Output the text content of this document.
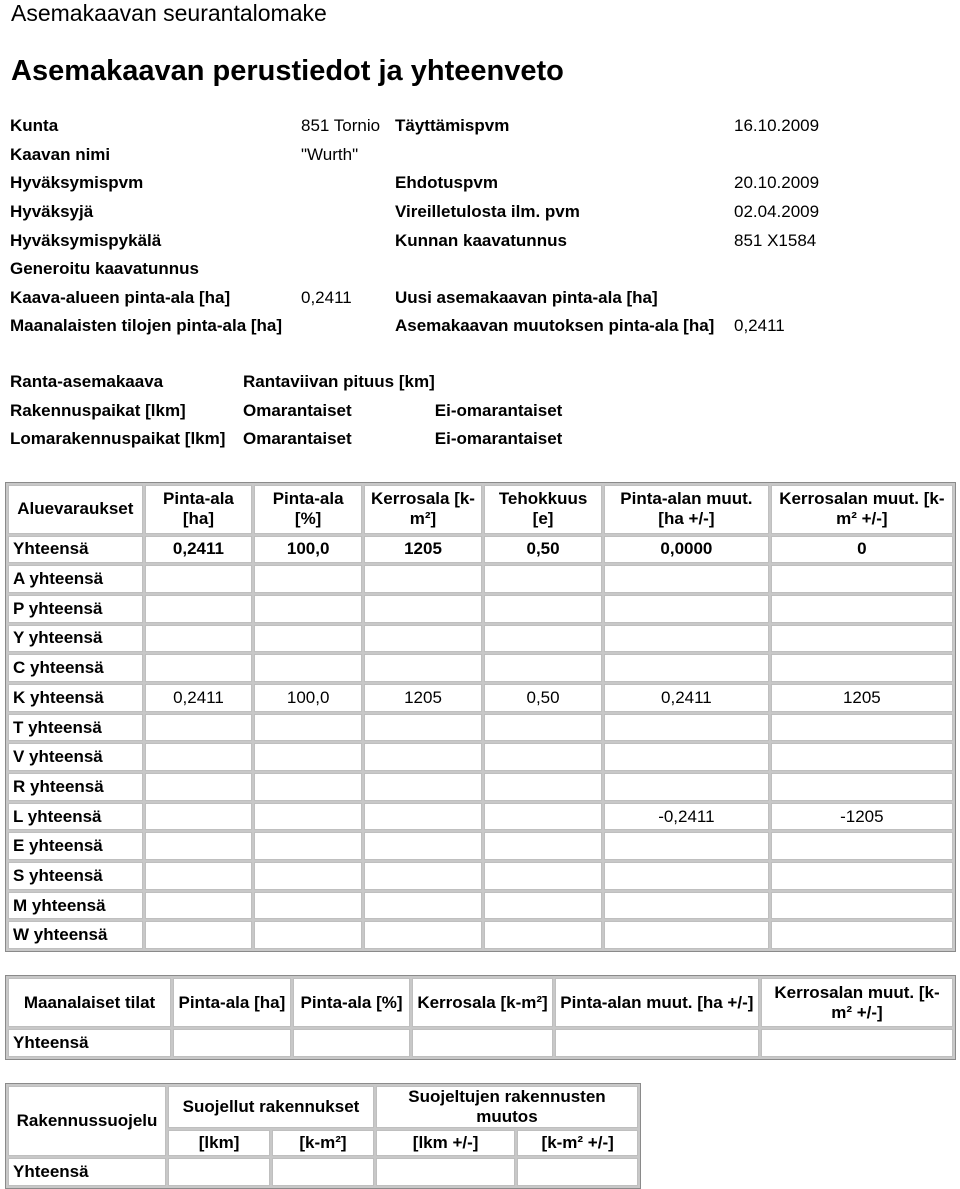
Asemakaavan seurantalomake
Asemakaavan perustiedot ja yhteenveto
Kunta	851 Tornio	Täyttämispvm	16.10.2009
Kaavan nimi	"Wurth"		
Hyväksymispvm		Ehdotuspvm	20.10.2009
Hyväksyjä		Vireilletulosta ilm. pvm	02.04.2009
Hyväksymispykälä		Kunnan kaavatunnus	851 X1584
Generoitu kaavatunnus			
Kaava-alueen pinta-ala [ha]	0,2411	Uusi asemakaavan pinta-ala [ha]	
Maanalaisten tilojen pinta-ala [ha]		Asemakaavan muutoksen pinta-ala [ha]	0,2411
Ranta-asemakaava	Rantaviivan pituus [km]	
Rakennuspaikat [lkm]	Omarantaiset	Ei-omarantaiset
Lomarakennuspaikat [lkm]	Omarantaiset	Ei-omarantaiset
Aluevaraukset	Pinta-ala [ha]	Pinta-ala [%]	Kerrosala [k-m²]	Tehokkuus [e]	Pinta-alan muut. [ha +/-]	Kerrosalan muut. [k-m² +/-]
Yhteensä	0,2411	100,0	1205	0,50	0,0000	0
A yhteensä						
P yhteensä						
Y yhteensä						
C yhteensä						
K yhteensä	0,2411	100,0	1205	0,50	0,2411	1205
T yhteensä						
V yhteensä						
R yhteensä						
L yhteensä					-0,2411	-1205
E yhteensä						
S yhteensä						
M yhteensä						
W yhteensä						
Maanalaiset tilat	Pinta-ala [ha]	Pinta-ala [%]	Kerrosala [k-m²]	Pinta-alan muut. [ha +/-]	Kerrosalan muut. [k-m² +/-]
Yhteensä					
Rakennussuojelu	Suojellut rakennukset		Suojeltujen rakennusten muutos	
	[lkm]	[k-m²]	[lkm +/-]	[k-m² +/-]
Yhteensä				
